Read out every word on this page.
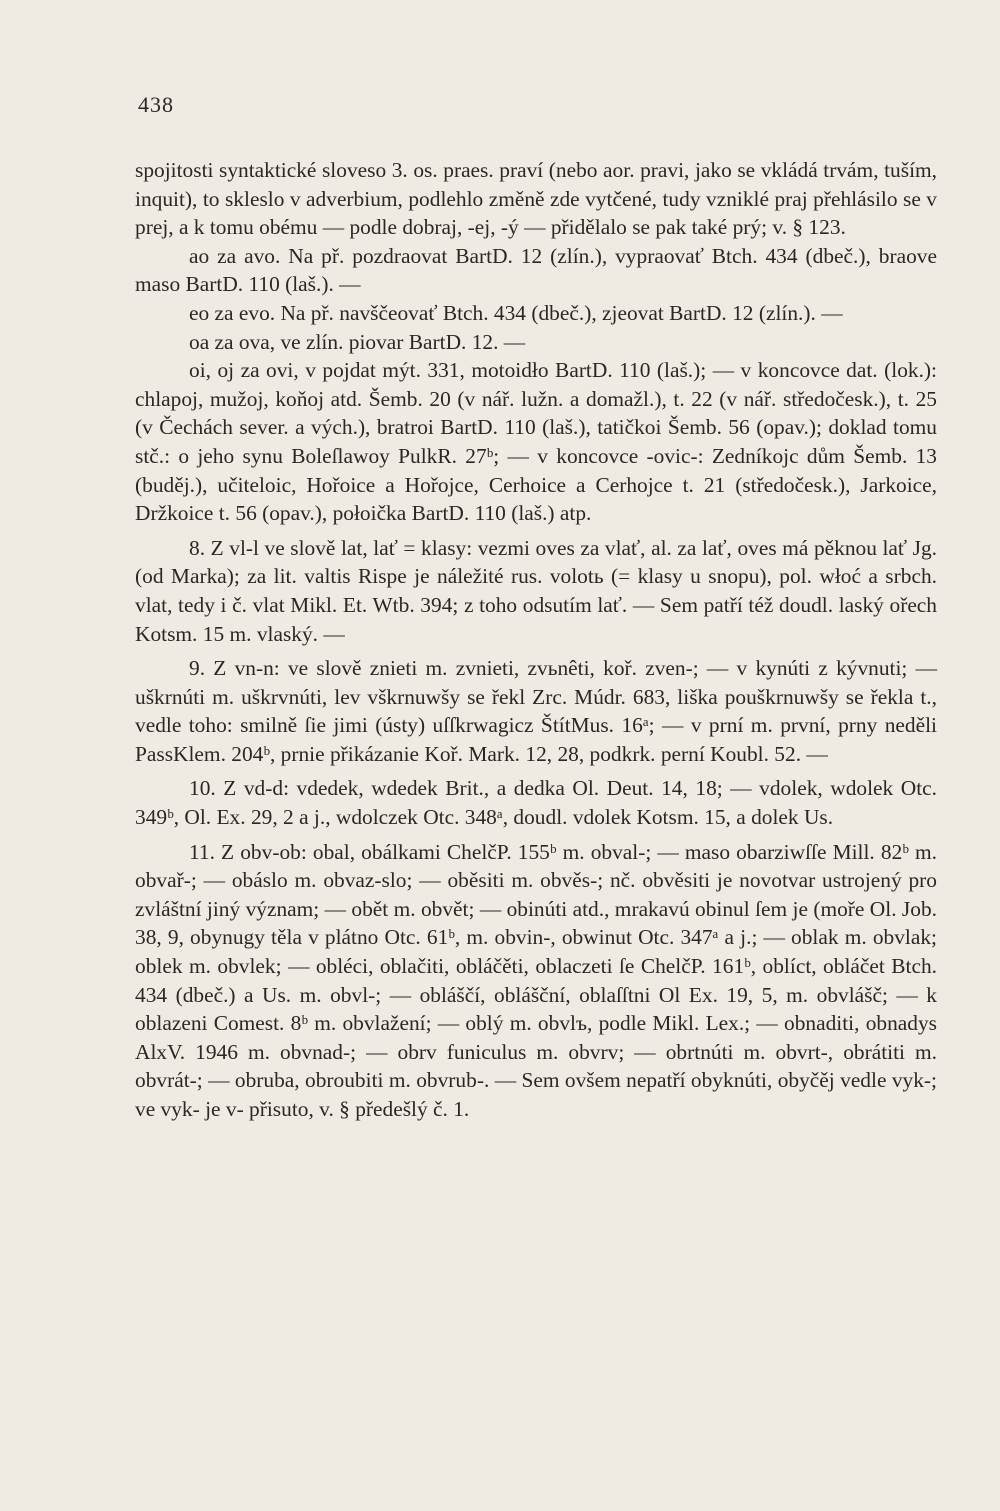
438

spojitosti syntaktické sloveso 3. os. praes. praví (nebo aor. pravi, jako se vkládá trvám, tuším, inquit), to skleslo v adverbium, podlehlo změně zde vytčené, tudy vzniklé praj přehlásilo se v prej, a k tomu obému — podle dobraj, -ej, -ý — přidělalo se pak také prý; v. § 123.

ao za avo. Na př. pozdraovat BartD. 12 (zlín.), vypraovať Btch. 434 (dbeč.), braove maso BartD. 110 (laš.). —

eo za evo. Na př. navščeovať Btch. 434 (dbeč.), zjeovat BartD. 12 (zlín.). —

oa za ova, ve zlín. piovar BartD. 12. —

oi, oj za ovi, v pojdat mýt. 331, motoidło BartD. 110 (laš.); — v koncovce dat. (lok.): chlapoj, mužoj, koňoj atd. Šemb. 20 (v nář. lužn. a domažl.), t. 22 (v nář. středočesk.), t. 25 (v Čechách sever. a vých.), bratroi BartD. 110 (laš.), tatičkoi Šemb. 56 (opav.); doklad tomu stč.: o jeho synu Boleſlawoy PulkR. 27ᵇ; — v koncovce -ovic-: Zedníkojc dům Šemb. 13 (buděj.), učiteloic, Hořoice a Hořojce, Cerhoice a Cerhojce t. 21 (středočesk.), Jarkoice, Držkoice t. 56 (opav.), połoička BartD. 110 (laš.) atp.

8. Z vl-l ve slově lat, lať = klasy: vezmi oves za vlať, al. za lať, oves má pěknou lať Jg. (od Marka); za lit. valtis Rispe je náležité rus. volotь (= klasy u snopu), pol. włoć a srbch. vlat, tedy i č. vlat Mikl. Et. Wtb. 394; z toho odsutím lať. — Sem patří též doudl. laský ořech Kotsm. 15 m. vlaský. —

9. Z vn-n: ve slově znieti m. zvnieti, zvьnêti, koř. zven-; — v kynúti z kývnuti; — uškrnúti m. uškrvnúti, lev vškrnuwšy se řekl Zrc. Múdr. 683, liška pouškrnuwšy se řekla t., vedle toho: smilně ſie jimi (ústy) uſſkrwagicz ŠtítMus. 16ᵃ; — v prní m. první, prny neděli PassKlem. 204ᵇ, prnie přikázanie Koř. Mark. 12, 28, podkrk. perní Koubl. 52. —

10. Z vd-d: vdedek, wdedek Brit., a dedka Ol. Deut. 14, 18; — vdolek, wdolek Otc. 349ᵇ, Ol. Ex. 29, 2 a j., wdolczek Otc. 348ᵃ, doudl. vdolek Kotsm. 15, a dolek Us.

11. Z obv-ob: obal, obálkami ChelčP. 155ᵇ m. obval-; — maso obarziwſſe Mill. 82ᵇ m. obvař-; — obáslo m. obvaz-slo; — oběsiti m. obvěs-; nč. obvěsiti je novotvar ustrojený pro zvláštní jiný význam; — obět m. obvět; — obinúti atd., mrakavú obinul ſem je (moře Ol. Job. 38, 9, obynugy těla v plátno Otc. 61ᵇ, m. obvin-, obwinut Otc. 347ᵃ a j.; — oblak m. obvlak; oblek m. obvlek; — obléci, oblačiti, obláčěti, oblaczeti ſe ChelčP. 161ᵇ, oblíct, obláčet Btch. 434 (dbeč.) a Us. m. obvl-; — obláščí, oblášční, oblaſſtni Ol Ex. 19, 5, m. obvlášč; — k oblazeni Comest. 8ᵇ m. obvlažení; — oblý m. obvlъ, podle Mikl. Lex.; — obnaditi, obnadys AlxV. 1946 m. obvnad-; — obrv funiculus m. obvrv; — obrtnúti m. obvrt-, obrátiti m. obvrát-; — obruba, obroubiti m. obvrub-. — Sem ovšem nepatří obyknúti, obyčěj vedle vyk-; ve vyk- je v- přisuto, v. § předešlý č. 1.
